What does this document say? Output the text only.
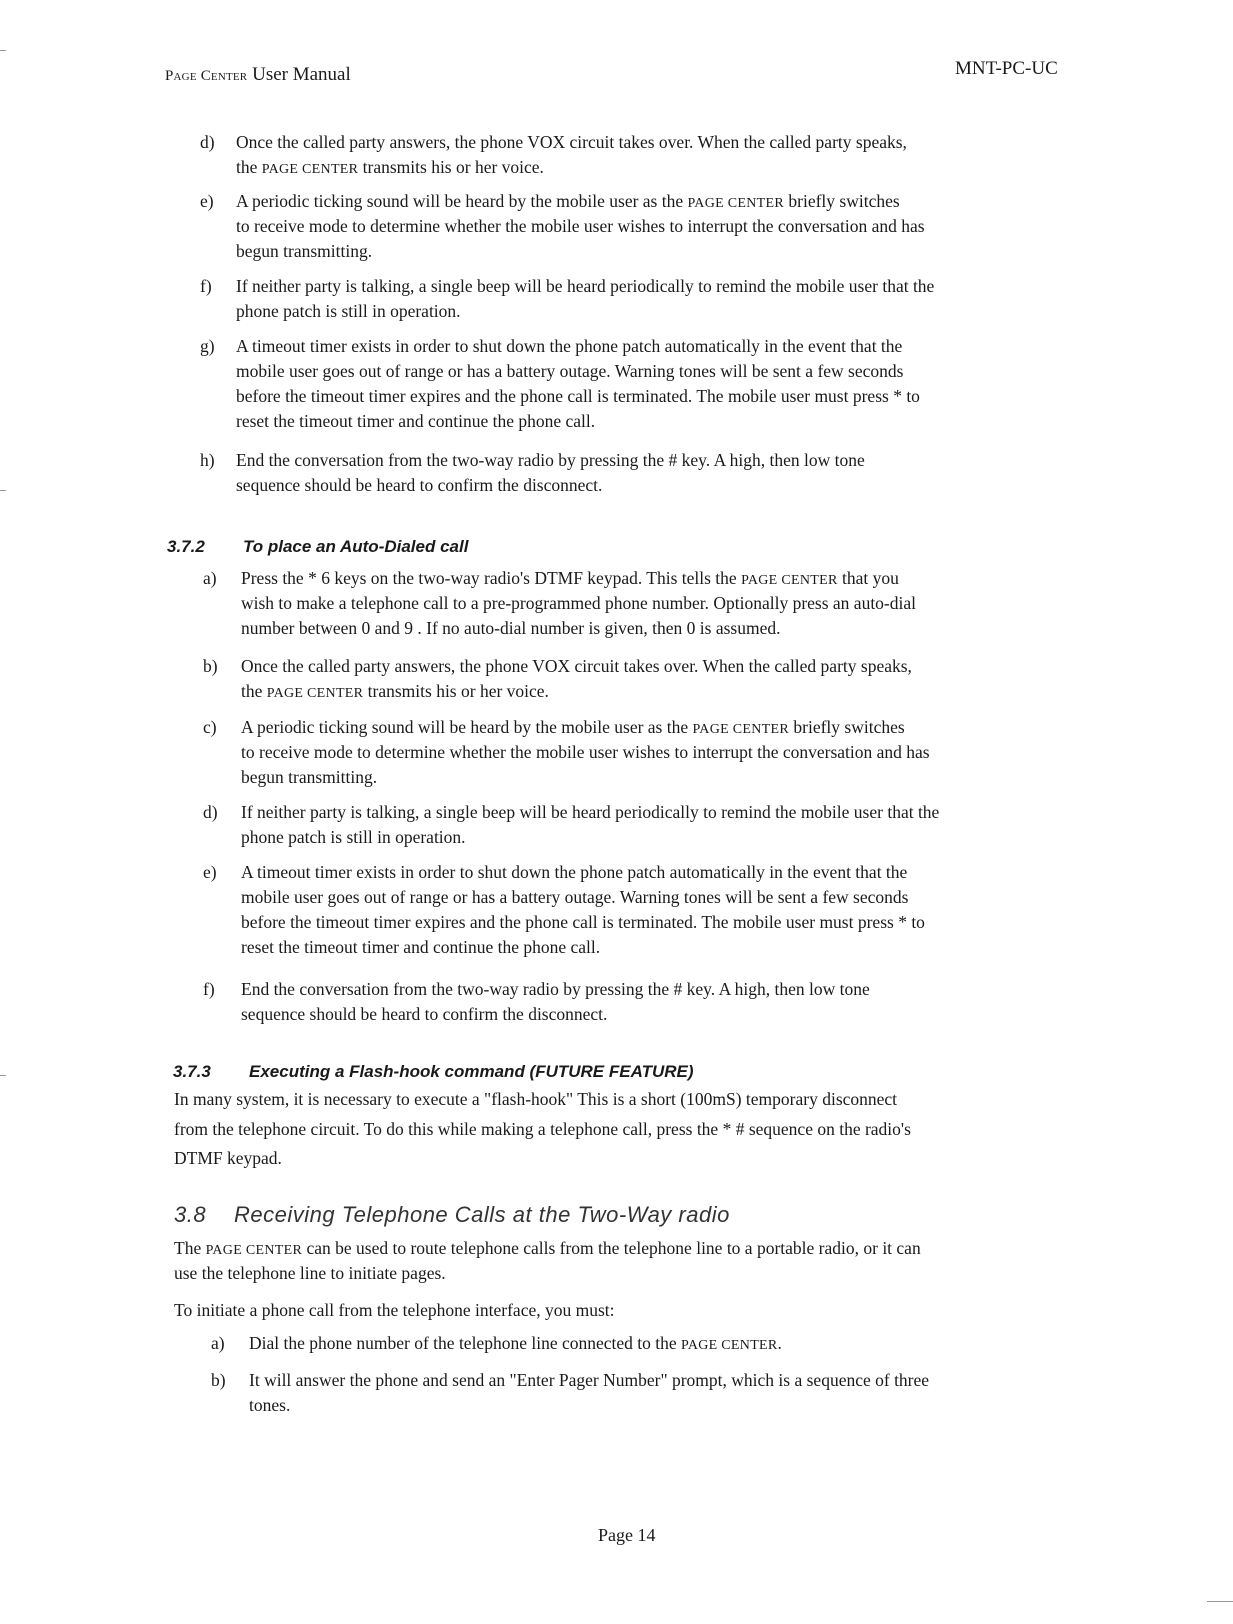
Page Center User Manual	MNT-PC-UC
d) Once the called party answers, the phone VOX circuit takes over. When the called party speaks,
the PAGE CENTER transmits his or her voice.
e) A periodic ticking sound will be heard by the mobile user as the PAGE CENTER briefly switches
to receive mode to determine whether the mobile user wishes to interrupt the conversation and has
begun transmitting.
f) If neither party is talking, a single beep will be heard periodically to remind the mobile user that the
phone patch is still in operation.
g) A timeout timer exists in order to shut down the phone patch automatically in the event that the
mobile user goes out of range or has a battery outage. Warning tones will be sent a few seconds
before the timeout timer expires and the phone call is terminated. The mobile user must press * to
reset the timeout timer and continue the phone call.
h) End the conversation from the two-way radio by pressing the # key. A high, then low tone
sequence should be heard to confirm the disconnect.
3.7.2 To place an Auto-Dialed call
a) Press the * 6 keys on the two-way radio's DTMF keypad. This tells the PAGE CENTER that you
wish to make a telephone call to a pre-programmed phone number. Optionally press an auto-dial
number between 0 and 9 . If no auto-dial number is given, then 0 is assumed.
b) Once the called party answers, the phone VOX circuit takes over. When the called party speaks,
the PAGE CENTER transmits his or her voice.
c) A periodic ticking sound will be heard by the mobile user as the PAGE CENTER briefly switches
to receive mode to determine whether the mobile user wishes to interrupt the conversation and has
begun transmitting.
d) If neither party is talking, a single beep will be heard periodically to remind the mobile user that the
phone patch is still in operation.
e) A timeout timer exists in order to shut down the phone patch automatically in the event that the
mobile user goes out of range or has a battery outage. Warning tones will be sent a few seconds
before the timeout timer expires and the phone call is terminated. The mobile user must press * to
reset the timeout timer and continue the phone call.
f) End the conversation from the two-way radio by pressing the # key. A high, then low tone
sequence should be heard to confirm the disconnect.
3.7.3 Executing a Flash-hook command (FUTURE FEATURE)
In many system, it is necessary to execute a "flash-hook" This is a short (100mS) temporary disconnect
from the telephone circuit. To do this while making a telephone call, press the * # sequence on the radio's
DTMF keypad.
3.8 Receiving Telephone Calls at the Two-Way radio
The PAGE CENTER can be used to route telephone calls from the telephone line to a portable radio, or it can
use the telephone line to initiate pages.
To initiate a phone call from the telephone interface, you must:
a) Dial the phone number of the telephone line connected to the PAGE CENTER.
b) It will answer the phone and send an "Enter Pager Number" prompt, which is a sequence of three
tones.
Page 14
